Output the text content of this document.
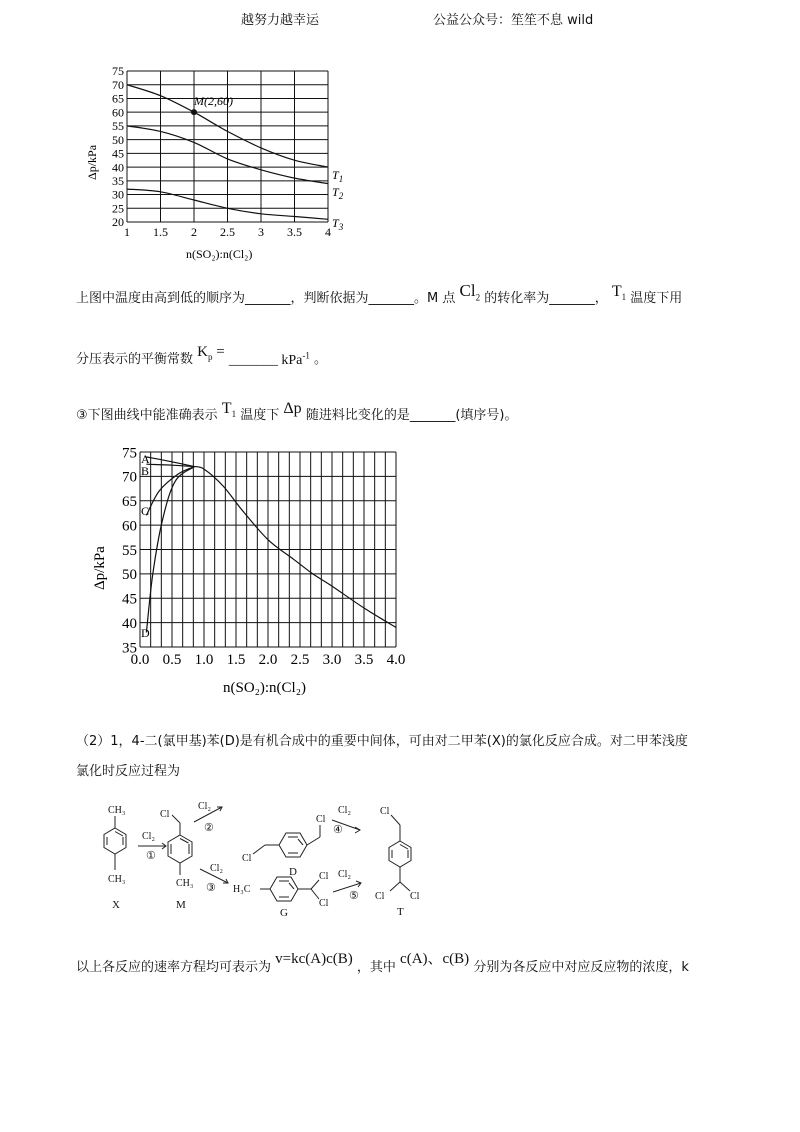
越努力越幸运	公益公众号：笙笙不息 wild
20
25
30
35
40
45
50
55
60
65
70
75
1 1.5 2 2.5 3 3.5 4
M(2,60)
Δp/kPa
n(SO₂):n(Cl₂)
$T_1$
$T_2$
$T_3$
上图中温度由高到低的顺序为_______，判断依据为_______。M 点 $Cl_2$ 的转化率为_______， $T_1$ 温度下用
分压表示的平衡常数 $K_p$ = _______ kPa$^{-1}$ 。
③下图曲线中能准确表示 $T_1$ 温度下 Δp 随进料比变化的是_______(填序号)。
35
40
45
50
55
60
65
70
75
0.0 0.5 1.0 1.5 2.0 2.5 3.0 3.5 4.0
Δp/kPa
n(SO₂):n(Cl₂)
A
B
C
D
（2）1，4-二(氯甲基)苯(D)是有机合成中的重要中间体，可由对二甲苯(X)的氯化反应合成。对二甲苯浅度
氯化时反应过程为
CH₃
CH₃
X
Cl₂
①
Cl
CH₃
M
Cl₂
②
Cl
Cl
D
Cl₂
④
Cl
Cl	Cl
T
Cl₂
③ H₃C
Cl
Cl
G
Cl₂
⑤
以上各反应的速率方程均可表示为 v=kc(A)c(B) ，其中 c(A)、c(B) 分别为各反应中对应反应物的浓度，k
